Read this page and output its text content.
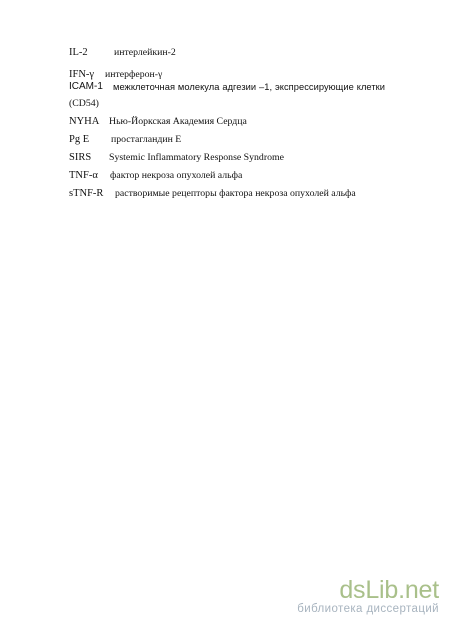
IL-2	интерлейкин-2
IFN-γ интерферон-γ
ICAM-1 межклеточная молекула адгезии –1, экспрессирующие клетки
(CD54)
NYHA Нью-Йоркская Академия Сердца
Pg E простагландин Е
SIRS Systemic Inflammatory Response Syndrome
TNF-α фактор некроза опухолей альфа
sTNF-R растворимые рецепторы фактора некроза опухолей альфа
dsLib.net
библиотека диссертаций
